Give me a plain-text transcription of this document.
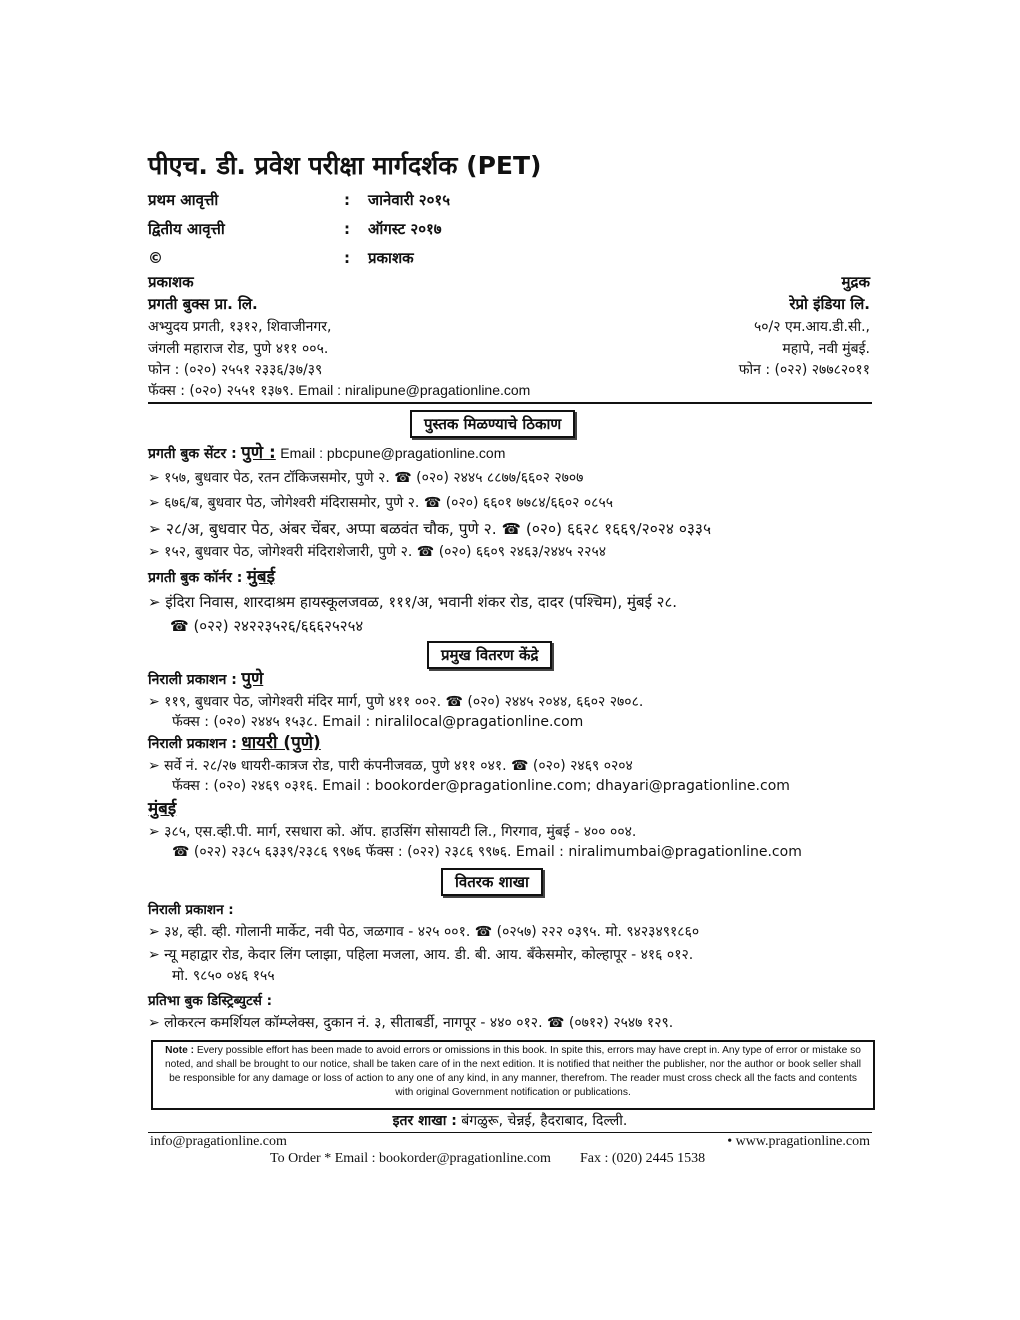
पीएच. डी. प्रवेश परीक्षा मार्गदर्शक (PET)
प्रथम आवृत्ती	: जानेवारी २०१५
द्वितीय आवृत्ती	: ऑगस्ट २०१७
©	: प्रकाशक
प्रकाशक
प्रगती बुक्स प्रा. लि.
अभ्युदय प्रगती, १३१२, शिवाजीनगर,
जंगली महाराज रोड, पुणे ४११ ००५.
फोन : (०२०) २५५१ २३३६/३७/३९
फॅक्स : (०२०) २५५१ १३७९. Email : niralipune@pragationline.com
मुद्रक
रेप्रो इंडिया लि.
५०/२ एम.आय.डी.सी.,
महापे, नवी मुंबई.
फोन : (०२२) २७७८२०११
पुस्तक मिळण्याचे ठिकाण
प्रगती बुक सेंटर : पुणे : Email : pbcpune@pragationline.com
➢ १५७, बुधवार पेठ, रतन टॉकिजसमोर, पुणे २. ☎ (०२०) २४४५ ८८७७/६६०२ २७०७
➢ ६७६/ब, बुधवार पेठ, जोगेश्वरी मंदिरासमोर, पुणे २. ☎ (०२०) ६६०१ ७७८४/६६०२ ०८५५
➢ २८/अ, बुधवार पेठ, अंबर चेंबर, अप्पा बळवंत चौक, पुणे २. ☎ (०२०) ६६२८ १६६९/२०२४ ०३३५
➢ १५२, बुधवार पेठ, जोगेश्वरी मंदिराशेजारी, पुणे २. ☎ (०२०) ६६०९ २४६३/२४४५ २२५४
प्रगती बुक कॉर्नर : मुंबई
➢ इंदिरा निवास, शारदाश्रम हायस्कूलजवळ, १११/अ, भवानी शंकर रोड, दादर (पश्चिम), मुंबई २८.
☎ (०२२) २४२२३५२६/६६६२५२५४
प्रमुख वितरण केंद्रे
निराली प्रकाशन : पुणे
➢ ११९, बुधवार पेठ, जोगेश्वरी मंदिर मार्ग, पुणे ४११ ००२. ☎ (०२०) २४४५ २०४४, ६६०२ २७०८.
फॅक्स : (०२०) २४४५ १५३८. Email : niralilocal@pragationline.com
निराली प्रकाशन : धायरी (पुणे)
➢ सर्वे नं. २८/२७ धायरी-कात्रज रोड, पारी कंपनीजवळ, पुणे ४११ ०४१. ☎ (०२०) २४६९ ०२०४
फॅक्स : (०२०) २४६९ ०३१६. Email : bookorder@pragationline.com; dhayari@pragationline.com
मुंबई
➢ ३८५, एस.व्ही.पी. मार्ग, रसधारा को. ऑप. हाउसिंग सोसायटी लि., गिरगाव, मुंबई - ४०० ००४.
☎ (०२२) २३८५ ६३३९/२३८६ ९९७६ फॅक्स : (०२२) २३८६ ९९७६. Email : niralimumbai@pragationline.com
वितरक शाखा
निराली प्रकाशन :
➢ ३४, व्ही. व्ही. गोलानी मार्केट, नवी पेठ, जळगाव - ४२५ ००१. ☎ (०२५७) २२२ ०३९५. मो. ९४२३४९१८६०
➢ न्यू महाद्वार रोड, केदार लिंग प्लाझा, पहिला मजला, आय. डी. बी. आय. बँकेसमोर, कोल्हापूर - ४१६ ०१२.
मो. ९८५० ०४६ १५५
प्रतिभा बुक डिस्ट्रिब्युटर्स :
➢ लोकरत्न कमर्शियल कॉम्प्लेक्स, दुकान नं. ३, सीताबर्डी, नागपूर - ४४० ०१२. ☎ (०७१२) २५४७ १२९.
Note : Every possible effort has been made to avoid errors or omissions in this book. In spite this, errors may have crept in. Any type of error or mistake so noted, and shall be brought to our notice, shall be taken care of in the next edition. It is notified that neither the publisher, nor the author or book seller shall be responsible for any damage or loss of action to any one of any kind, in any manner, therefrom. The reader must cross check all the facts and contents with original Government notification or publications.
इतर शाखा : बंगळुरू, चेन्नई, हैदराबाद, दिल्ली.
info@pragationline.com	• www.pragationline.com
To Order * Email : bookorder@pragationline.com Fax : (020) 2445 1538
